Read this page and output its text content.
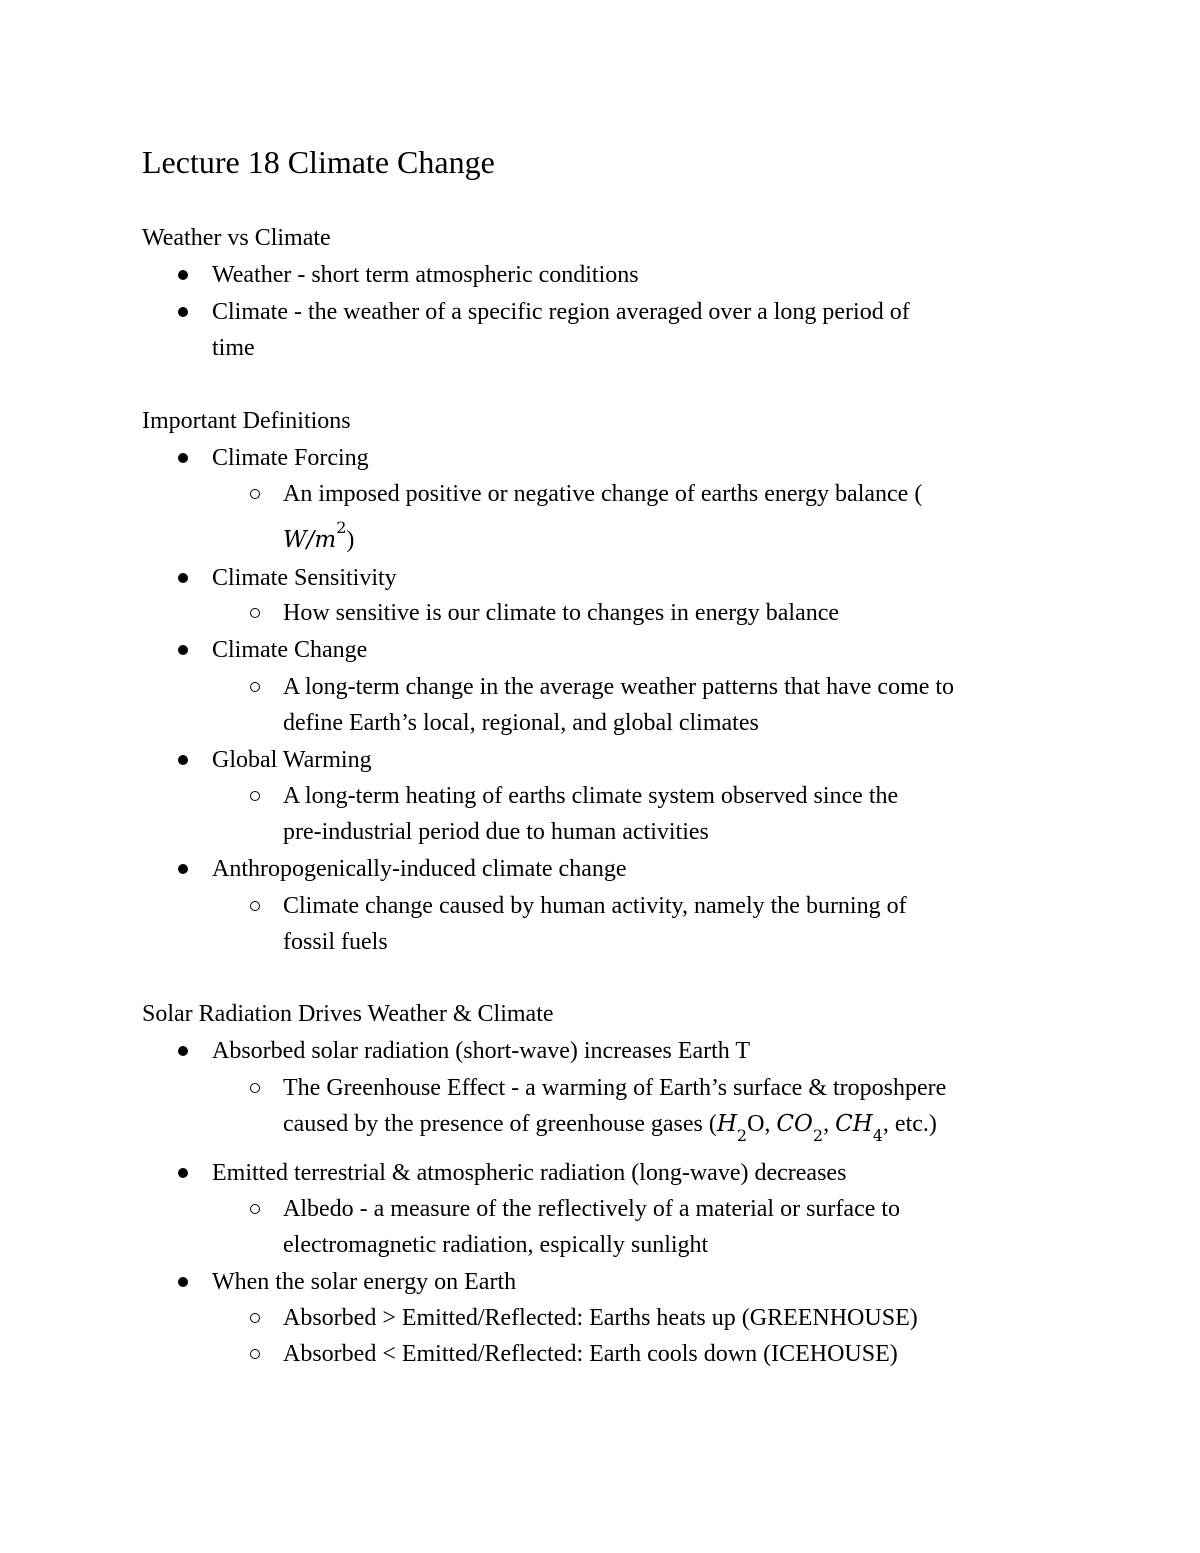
Lecture 18 Climate Change
Weather vs Climate
Weather - short term atmospheric conditions
Climate - the weather of a specific region averaged over a long period of
time
Important Definitions
Climate Forcing
An imposed positive or negative change of earths energy balance (
$W/m^2$)
Climate Sensitivity
How sensitive is our climate to changes in energy balance
Climate Change
A long-term change in the average weather patterns that have come to
define Earth’s local, regional, and global climates
Global Warming
A long-term heating of earths climate system observed since the
pre-industrial period due to human activities
Anthropogenically-induced climate change
Climate change caused by human activity, namely the burning of
fossil fuels
Solar Radiation Drives Weather & Climate
Absorbed solar radiation (short-wave) increases Earth T
The Greenhouse Effect - a warming of Earth’s surface & troposhpere
caused by the presence of greenhouse gases ($H_2O$, $CO_2$, $CH_4$, etc.)
Emitted terrestrial & atmospheric radiation (long-wave) decreases
Albedo - a measure of the reflectively of a material or surface to
electromagnetic radiation, espically sunlight
When the solar energy on Earth
Absorbed > Emitted/Reflected: Earths heats up (GREENHOUSE)
Absorbed < Emitted/Reflected: Earth cools down (ICEHOUSE)
